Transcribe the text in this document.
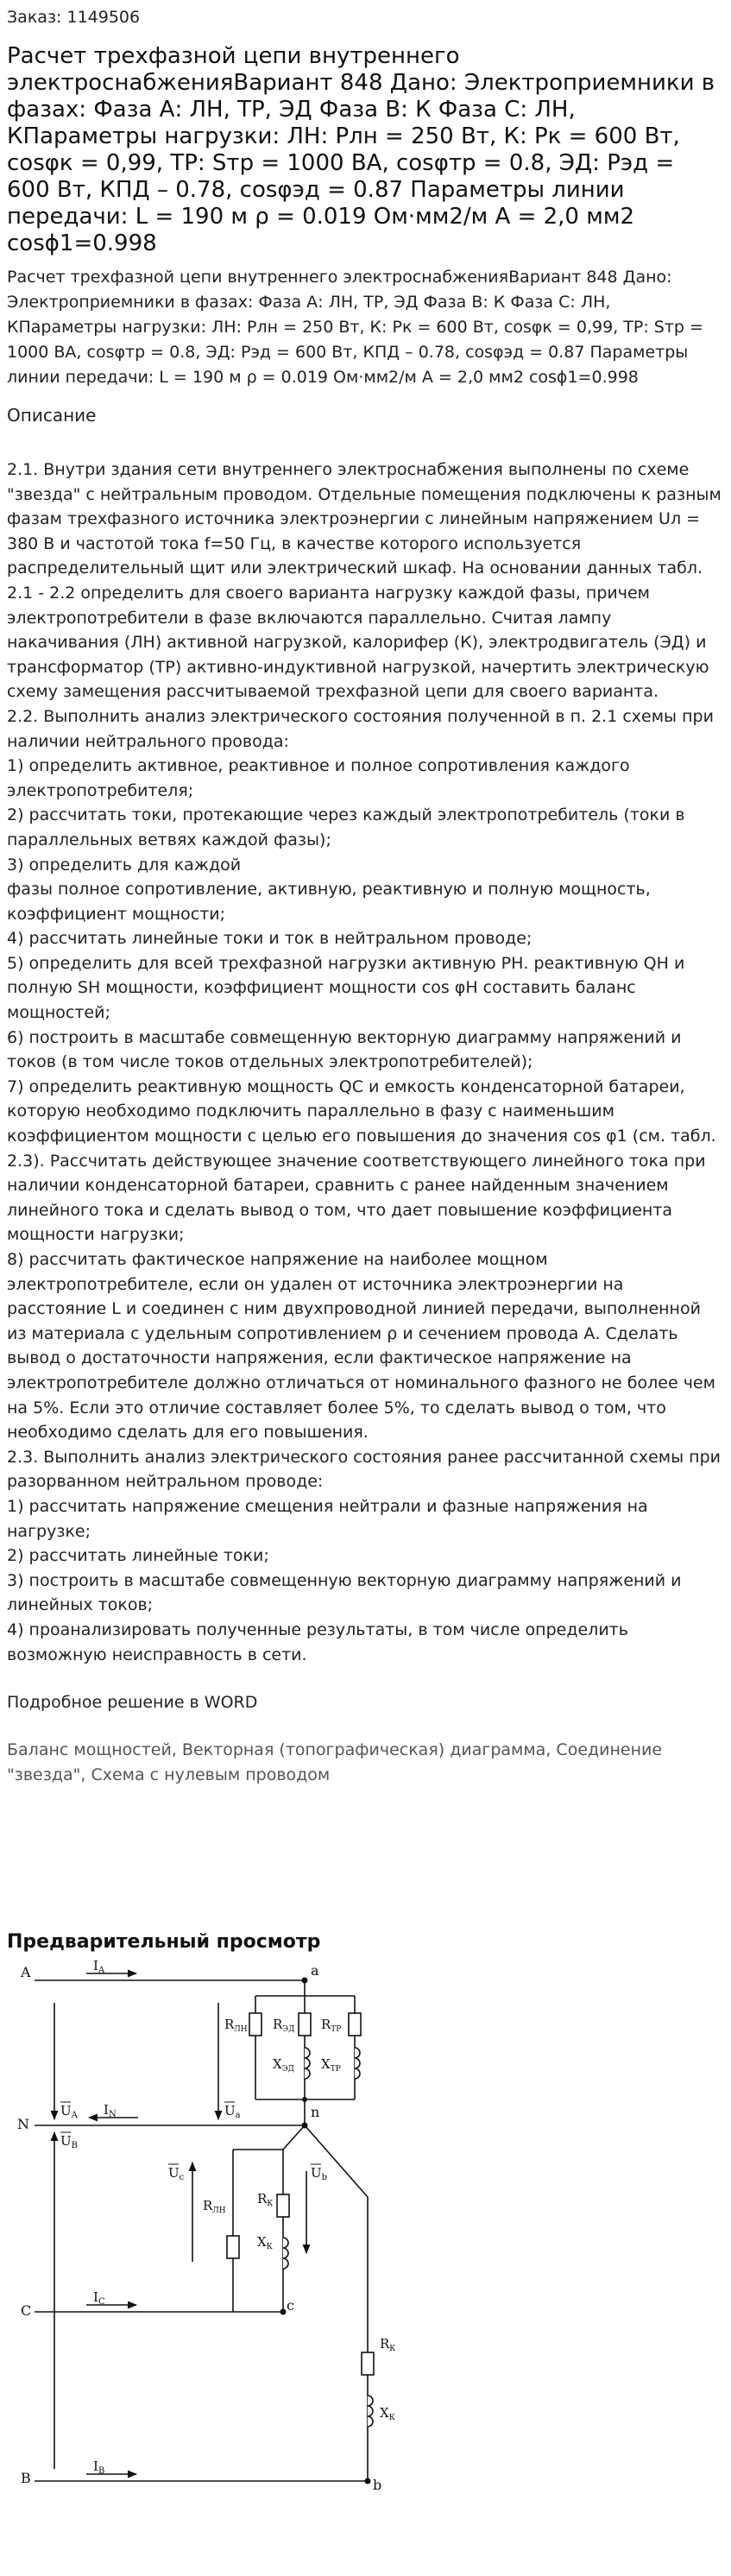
Заказ: 1149506
Расчет трехфазной цепи внутреннего электроснабженияВариант 848 Дано: Электроприемники в фазах: Фаза А: ЛН, ТР, ЭД Фаза В: К Фаза С: ЛН, КПараметры нагрузки: ЛН: Pлн = 250 Вт, К: Pк = 600 Вт, cosφк = 0,99, ТР: Sтр = 1000 ВА, cosφтр = 0.8, ЭД: Pэд = 600 Вт, КПД – 0.78, cosφэд = 0.87 Параметры линии передачи: L = 190 м ρ = 0.019 Ом·мм2/м А = 2,0 мм2 cosϕ1=0.998
Расчет трехфазной цепи внутреннего электроснабженияВариант 848 Дано: Электроприемники в фазах: Фаза А: ЛН, ТР, ЭД Фаза В: К Фаза С: ЛН, КПараметры нагрузки: ЛН: Pлн = 250 Вт, К: Pк = 600 Вт, cosφк = 0,99, ТР: Sтр = 1000 ВА, cosφтр = 0.8, ЭД: Pэд = 600 Вт, КПД – 0.78, cosφэд = 0.87 Параметры линии передачи: L = 190 м ρ = 0.019 Ом·мм2/м А = 2,0 мм2 cosϕ1=0.998
Описание

2.1. Внутри здания сети внутреннего электроснабжения выполнены по схеме "звезда" с нейтральным проводом. Отдельные помещения подключены к разным фазам трехфазного источника электроэнергии с линейным напряжением Uл = 380 В и частотой тока f=50 Гц, в качестве которого используется распределительный щит или электрический шкаф. На основании данных табл. 2.1 - 2.2 определить для своего варианта нагрузку каждой фазы, причем электропотребители в фазе включаются параллельно. Считая лампу накачивания (ЛН) активной нагрузкой, калорифер (К), электродвигатель (ЭД) и трансформатор (ТР) активно-индуктивной нагрузкой, начертить электрическую схему замещения рассчитываемой трехфазной цепи для своего варианта.

2.2. Выполнить анализ электрического состояния полученной в п. 2.1 схемы при наличии нейтрального провода:

1) определить активное, реактивное и полное сопротивления каждого электропотребителя;

2) рассчитать токи, протекающие через каждый электропотребитель (токи в параллельных ветвях каждой фазы);

3) определить для каждой

фазы полное сопротивление, активную, реактивную и полную мощность, коэффициент мощности;

4) рассчитать линейные токи и ток в нейтральном проводе;

5) определить для всей трехфазной нагрузки активную PН. реактивную QН и полную SН мощности, коэффициент мощности cos φН составить баланс мощностей;

6) построить в масштабе совмещенную векторную диаграмму напряжений и токов (в том числе токов отдельных электропотребителей);

7) определить реактивную мощность QС и емкость конденсаторной батареи, которую необходимо подключить параллельно в фазу с наименьшим коэффициентом мощности с целью его повышения до значения cos φ1 (см. табл. 2.3). Рассчитать действующее значение соответствующего линейного тока при наличии конденсаторной батареи, сравнить с ранее найденным значением линейного тока и сделать вывод о том, что дает повышение коэффициента мощности нагрузки;

8) рассчитать фактическое напряжение на наиболее мощном электропотребителе, если он удален от источника электроэнергии на расстояние L и соединен с ним двухпроводной линией передачи, выполненной из материала с удельным сопротивлением ρ и сечением провода А. Сделать вывод о достаточности напряжения, если фактическое напряжение на электропотребителе должно отличаться от номинального фазного не более чем на 5%. Если это отличие составляет более 5%, то сделать вывод о том, что необходимо сделать для его повышения.

2.3. Выполнить анализ электрического состояния ранее рассчитанной схемы при разорванном нейтральном проводе:

1) рассчитать напряжение смещения нейтрали и фазные напряжения на нагрузке;

2) рассчитать линейные токи;

3) построить в масштабе совмещенную векторную диаграмму напряжений и линейных токов;

4) проанализировать полученные результаты, в том числе определить возможную неисправность в сети.

Подробное решение в WORD
Баланс мощностей, Векторная (топографическая) диаграмма, Соединение "звезда", Схема с нулевым проводом
Предварительный просмотр
A
N
C
B
a
n
c
b
$I_A$
$I_N$
$I_C$
$I_B$
$U_A$
$U_B$
$U_c$
$U_a$
$U_b$
$R_{ЛН}$ $R_{ЭД}$
$X_{ЭД}$
$R_{ТР}$
$X_{ТР}$
$R_{ЛН}$
$R_К$
$X_К$
$R_К$
$X_К$
